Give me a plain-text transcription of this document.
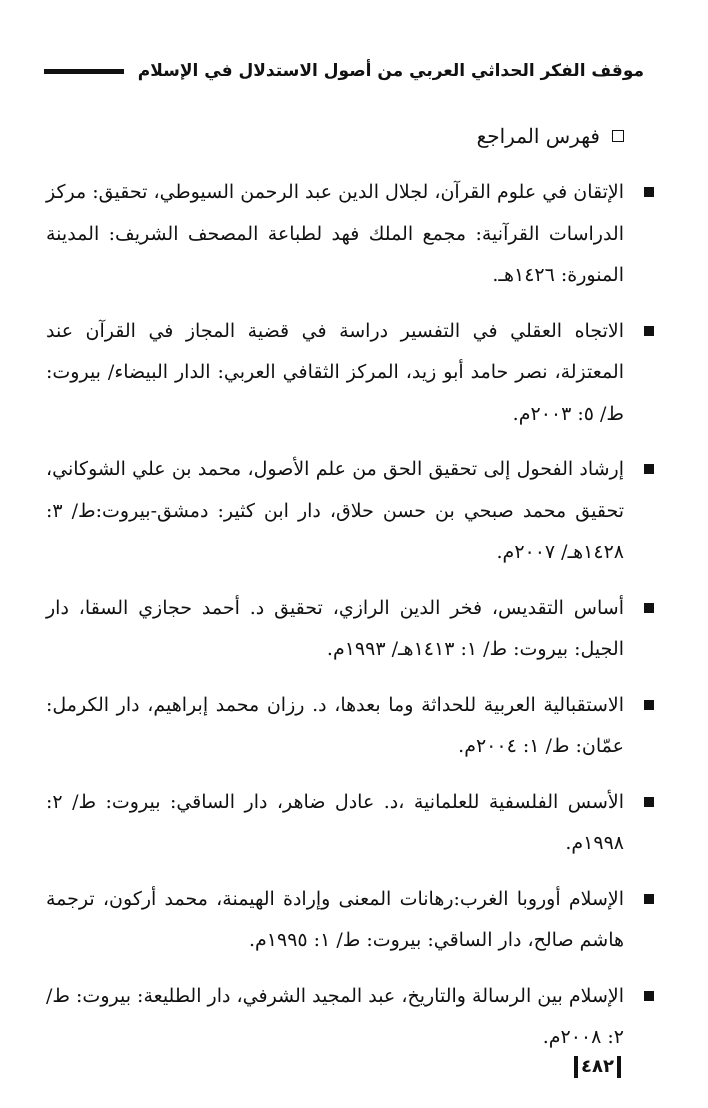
موقف الفكر الحداثي العربي من أصول الاستدلال في الإسلام
فهرس المراجع
الإتقان في علوم القرآن، لجلال الدين عبد الرحمن السيوطي، تحقيق: مركز الدراسات القرآنية: مجمع الملك فهد لطباعة المصحف الشريف: المدينة المنورة: ١٤٢٦هـ.
الاتجاه العقلي في التفسير دراسة في قضية المجاز في القرآن عند المعتزلة، نصر حامد أبو زيد، المركز الثقافي العربي: الدار البيضاء/ بيروت: ط/ ٥: ٢٠٠٣م.
إرشاد الفحول إلى تحقيق الحق من علم الأصول، محمد بن علي الشوكاني، تحقيق محمد صبحي بن حسن حلاق، دار ابن كثير: دمشق-بيروت:ط/ ٣: ١٤٢٨هـ/ ٢٠٠٧م.
أساس التقديس، فخر الدين الرازي، تحقيق د. أحمد حجازي السقا، دار الجيل: بيروت: ط/ ١: ١٤١٣هـ/ ١٩٩٣م.
الاستقبالية العربية للحداثة وما بعدها، د. رزان محمد إبراهيم، دار الكرمل: عمّان: ط/ ١: ٢٠٠٤م.
الأسس الفلسفية للعلمانية ،د. عادل ضاهر، دار الساقي: بيروت: ط/ ٢: ١٩٩٨م.
الإسلام أوروبا الغرب:رهانات المعنى وإرادة الهيمنة، محمد أركون، ترجمة هاشم صالح، دار الساقي: بيروت: ط/ ١: ١٩٩٥م.
الإسلام بين الرسالة والتاريخ، عبد المجيد الشرفي، دار الطليعة: بيروت: ط/ ٢: ٢٠٠٨م.
٤٨٢
